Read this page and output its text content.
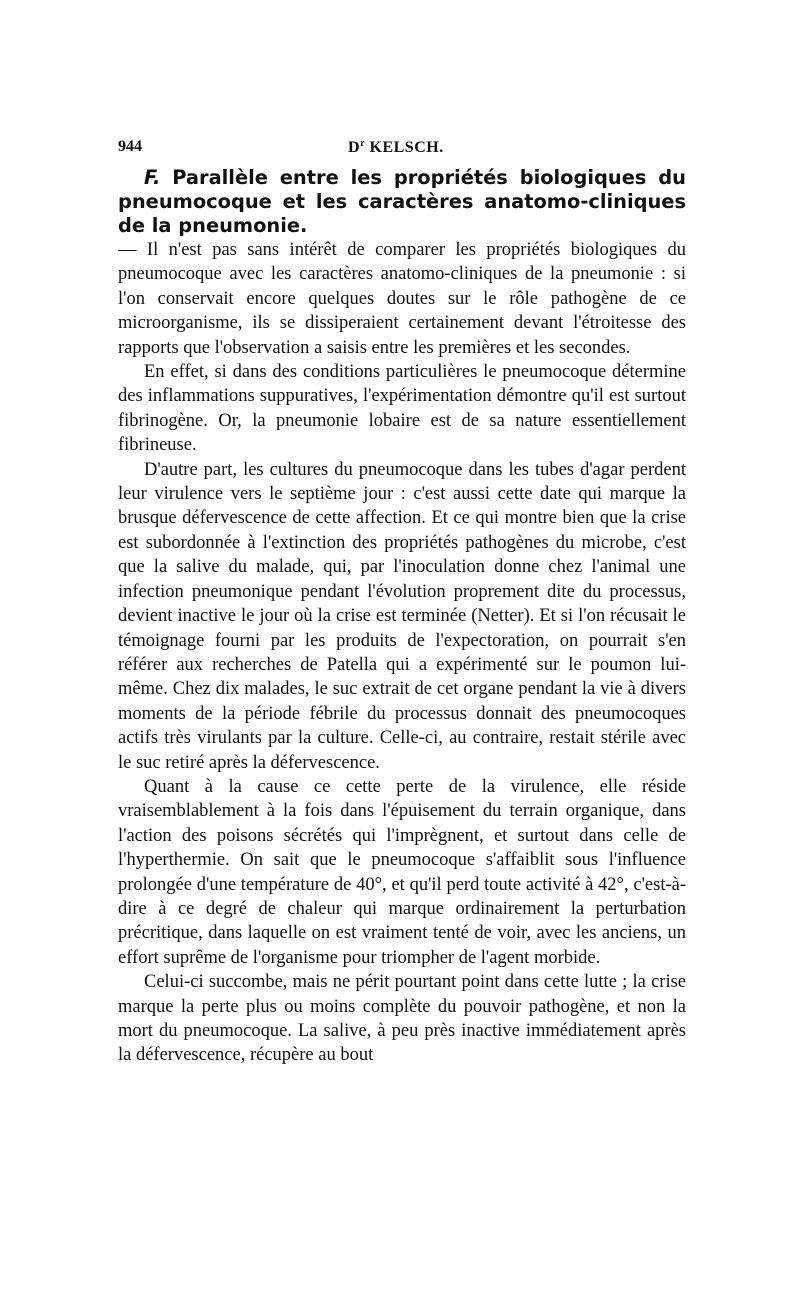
944	$D^r$ KELSCH.

F. Parallèle entre les propriétés biologiques du pneumocoque et les caractères anatomo-cliniques de la pneumonie.

— Il n'est pas sans intérêt de comparer les propriétés biologiques du pneumocoque avec les caractères anatomo-cliniques de la pneumonie : si l'on conservait encore quelques doutes sur le rôle pathogène de ce microorganisme, ils se dissiperaient certainement devant l'étroitesse des rapports que l'observation a saisis entre les premières et les secondes.

En effet, si dans des conditions particulières le pneumocoque détermine des inflammations suppuratives, l'expérimentation démontre qu'il est surtout fibrinogène. Or, la pneumonie lobaire est de sa nature essentiellement fibrineuse.

D'autre part, les cultures du pneumocoque dans les tubes d'agar perdent leur virulence vers le septième jour : c'est aussi cette date qui marque la brusque défervescence de cette affection. Et ce qui montre bien que la crise est subordonnée à l'extinction des propriétés pathogènes du microbe, c'est que la salive du malade, qui, par l'inoculation donne chez l'animal une infection pneumonique pendant l'évolution proprement dite du processus, devient inactive le jour où la crise est terminée (Netter). Et si l'on récusait le témoignage fourni par les produits de l'expectoration, on pourrait s'en référer aux recherches de Patella qui a expérimenté sur le poumon lui-même. Chez dix malades, le suc extrait de cet organe pendant la vie à divers moments de la période fébrile du processus donnait des pneumocoques actifs très virulants par la culture. Celle-ci, au contraire, restait stérile avec le suc retiré après la défervescence.

Quant à la cause ce cette perte de la virulence, elle réside vraisemblablement à la fois dans l'épuisement du terrain organique, dans l'action des poisons sécrétés qui l'imprègnent, et surtout dans celle de l'hyperthermie. On sait que le pneumocoque s'affaiblit sous l'influence prolongée d'une température de 40°, et qu'il perd toute activité à 42°, c'est-à-dire à ce degré de chaleur qui marque ordinairement la perturbation précritique, dans laquelle on est vraiment tenté de voir, avec les anciens, un effort suprême de l'organisme pour triompher de l'agent morbide.

Celui-ci succombe, mais ne périt pourtant point dans cette lutte ; la crise marque la perte plus ou moins complète du pouvoir pathogène, et non la mort du pneumocoque. La salive, à peu près inactive immédiatement après la défervescence, récupère au bout
